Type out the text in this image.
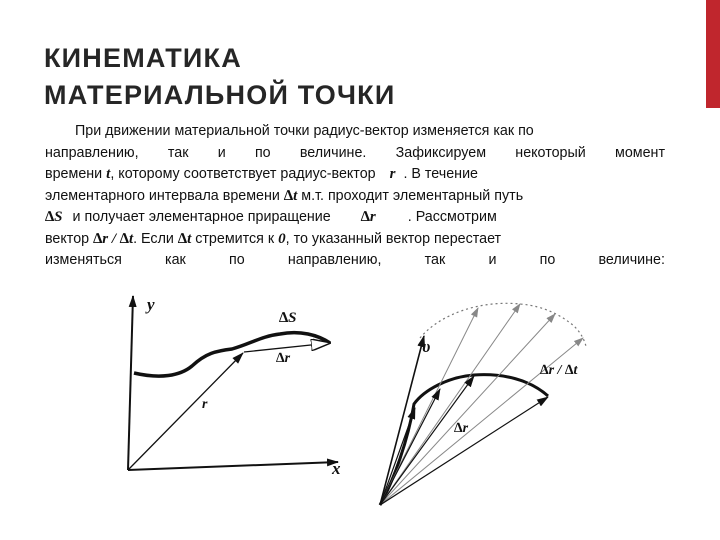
КИНЕМАТИКА
МАТЕРИАЛЬНОЙ ТОЧКИ
При движении материальной точки радиус-вектор изменяется как по
направлению, так и по величине. Зафиксируем некоторый момент
времени t, которому соответствует радиус-вектор r . В течение
элементарного интервала времени ∆t м.т. проходит элементарный путь
∆S и получает элементарное приращение ∆r . Рассмотрим
вектор ∆r / ∆t. Если ∆t стремится к 0, то указанный вектор перестает
изменяться	как	по	направлению,	так	и	по	величине:
y
x
∆S
∆r
r
υ
∆r / ∆t
∆r
